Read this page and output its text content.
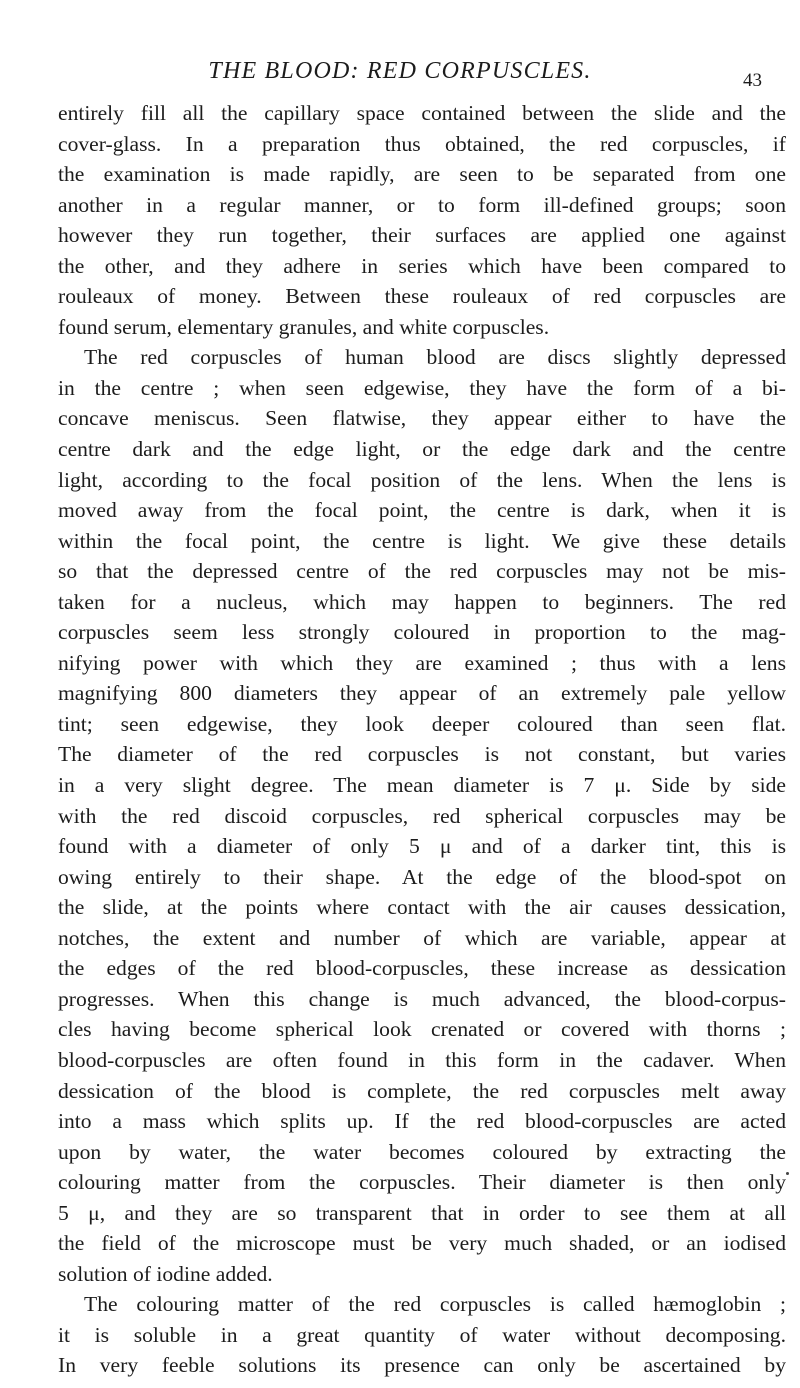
THE BLOOD: RED CORPUSCLES.	43
entirely fill all the capillary space contained between the slide and the
cover-glass. In a preparation thus obtained, the red corpuscles, if
the examination is made rapidly, are seen to be separated from one
another in a regular manner, or to form ill-defined groups; soon
however they run together, their surfaces are applied one against
the other, and they adhere in series which have been compared to
rouleaux of money. Between these rouleaux of red corpuscles are
found serum, elementary granules, and white corpuscles.
The red corpuscles of human blood are discs slightly depressed
in the centre ; when seen edgewise, they have the form of a bi-
concave meniscus. Seen flatwise, they appear either to have the
centre dark and the edge light, or the edge dark and the centre
light, according to the focal position of the lens. When the lens is
moved away from the focal point, the centre is dark, when it is
within the focal point, the centre is light. We give these details
so that the depressed centre of the red corpuscles may not be mis-
taken for a nucleus, which may happen to beginners. The red
corpuscles seem less strongly coloured in proportion to the mag-
nifying power with which they are examined ; thus with a lens
magnifying 800 diameters they appear of an extremely pale yellow
tint; seen edgewise, they look deeper coloured than seen flat.
The diameter of the red corpuscles is not constant, but varies
in a very slight degree. The mean diameter is 7 μ. Side by side
with the red discoid corpuscles, red spherical corpuscles may be
found with a diameter of only 5 μ and of a darker tint, this is
owing entirely to their shape. At the edge of the blood-spot on
the slide, at the points where contact with the air causes dessication,
notches, the extent and number of which are variable, appear at
the edges of the red blood-corpuscles, these increase as dessication
progresses. When this change is much advanced, the blood-corpus-
cles having become spherical look crenated or covered with thorns ;
blood-corpuscles are often found in this form in the cadaver. When
dessication of the blood is complete, the red corpuscles melt away
into a mass which splits up. If the red blood-corpuscles are acted
upon by water, the water becomes coloured by extracting the
colouring matter from the corpuscles. Their diameter is then only
5 μ, and they are so transparent that in order to see them at all
the field of the microscope must be very much shaded, or an iodised
solution of iodine added.
The colouring matter of the red corpuscles is called hæmoglobin ;
it is soluble in a great quantity of water without decomposing.
In very feeble solutions its presence can only be ascertained by
